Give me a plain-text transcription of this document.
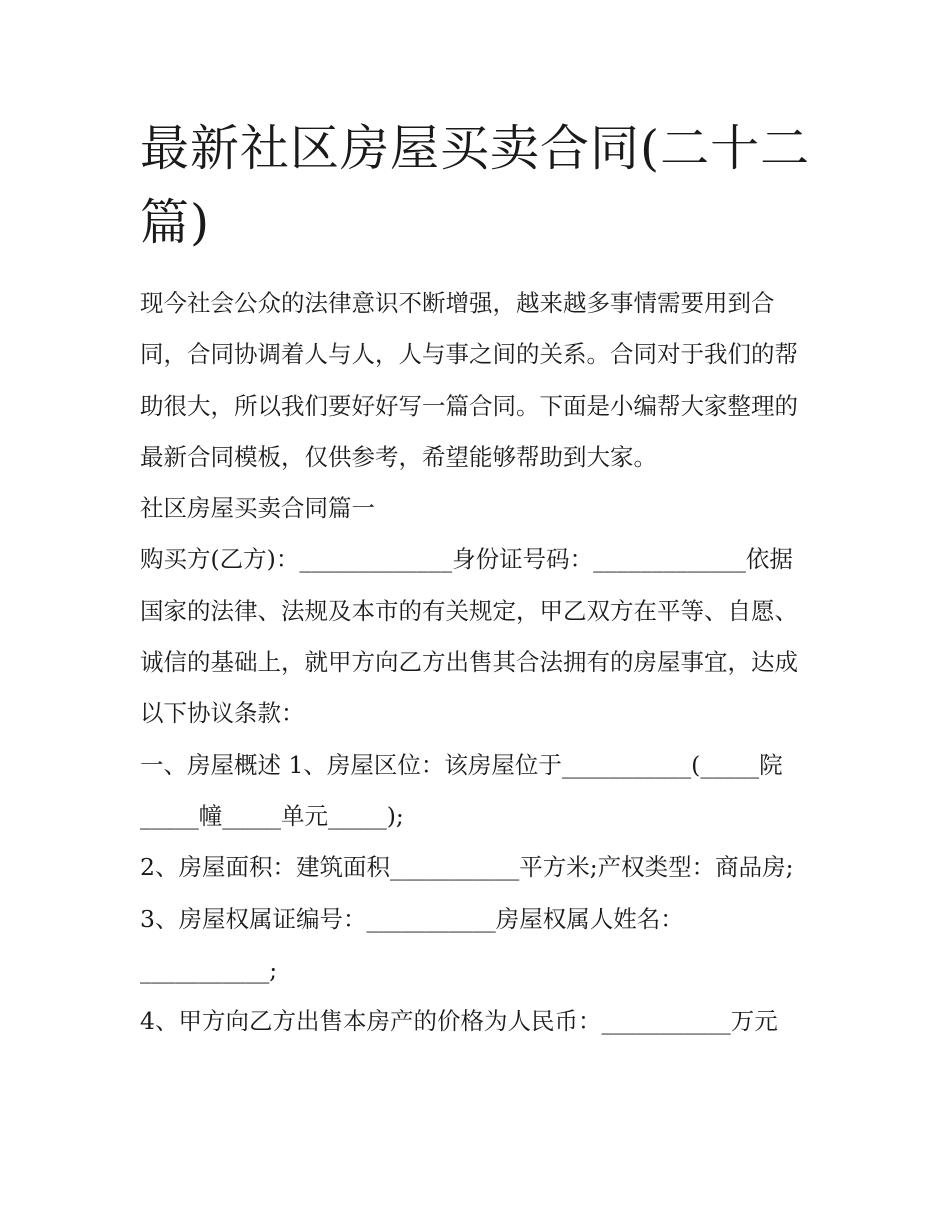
最新社区房屋买卖合同(二十二篇)

现今社会公众的法律意识不断增强，越来越多事情需要用到合同，合同协调着人与人，人与事之间的关系。合同对于我们的帮助很大，所以我们要好好写一篇合同。下面是小编帮大家整理的最新合同模板，仅供参考，希望能够帮助到大家。

社区房屋买卖合同篇一

购买方(乙方)：_____________身份证号码：_____________依据国家的法律、法规及本市的有关规定，甲乙双方在平等、自愿、诚信的基础上，就甲方向乙方出售其合法拥有的房屋事宜，达成以下协议条款：

一、房屋概述 1、房屋区位：该房屋位于___________(_____院_____幢_____单元_____);

2、房屋面积：建筑面积___________平方米;产权类型：商品房;

3、房屋权属证编号：___________房屋权属人姓名：___________;

4、甲方向乙方出售本房产的价格为人民币：___________万元
